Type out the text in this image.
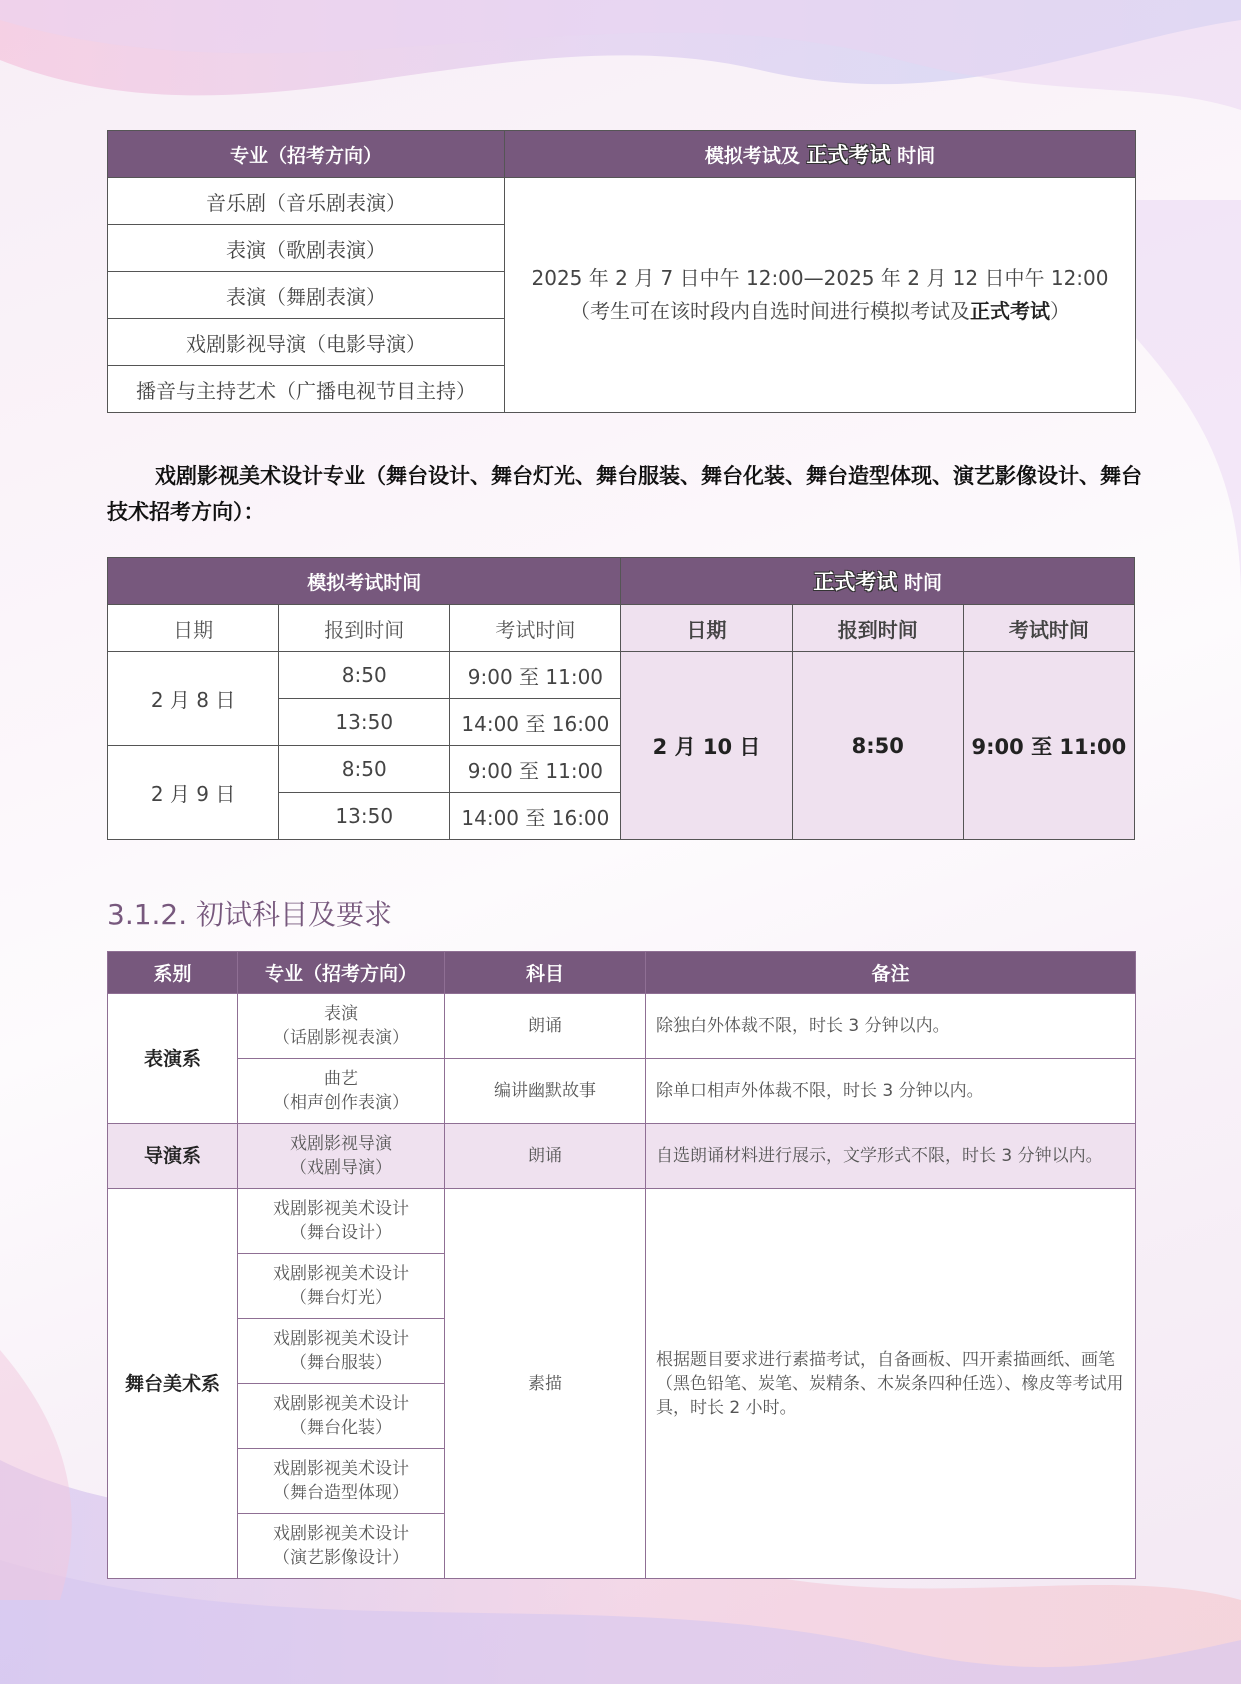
专业（招考方向）	模拟考试及 正式考试 时间
音乐剧（音乐剧表演）	2025 年 2 月 7 日中午 12:00—2025 年 2 月 12 日中午 12:00
（考生可在该时段内自选时间进行模拟考试及正式考试）

表演（歌剧表演）	
表演（舞剧表演）	
戏剧影视导演（电影导演）	
播音与主持艺术（广播电视节目主持）	

戏剧影视美术设计专业（舞台设计、舞台灯光、舞台服装、舞台化装、舞台造型体现、演艺影像设计、舞台技术招考方向）：

模拟考试时间			正式考试 时间		
日期	报到时间	考试时间	日期	报到时间	考试时间
2 月 8 日	8:50	9:00 至 11:00	2 月 10 日	8:50	9:00 至 11:00
	13:50	14:00 至 16:00			
2 月 9 日	8:50	9:00 至 11:00			
	13:50	14:00 至 16:00			
3.1.2. 初试科目及要求
系别	专业（招考方向）	科目	备注
表演系	表演
（话剧影视表演）	朗诵	除独白外体裁不限，时长 3 分钟以内。

	曲艺
（相声创作表演）	编讲幽默故事	除单口相声外体裁不限，时长 3 分钟以内。
导演系	戏剧影视导演
（戏剧导演）	朗诵	自选朗诵材料进行展示，文学形式不限，时长 3 分钟以内。
舞台美术系	戏剧影视美术设计
（舞台设计）	素描	根据题目要求进行素描考试，自备画板、四开素描画纸、画笔（黑色铅笔、炭笔、炭精条、木炭条四种任选）、橡皮等考试用具，时长 2 小时。

	戏剧影视美术设计
（舞台灯光）		

	戏剧影视美术设计
（舞台服装）		

	戏剧影视美术设计
（舞台化装）		

	戏剧影视美术设计
（舞台造型体现）		

	戏剧影视美术设计
（演艺影像设计）		
